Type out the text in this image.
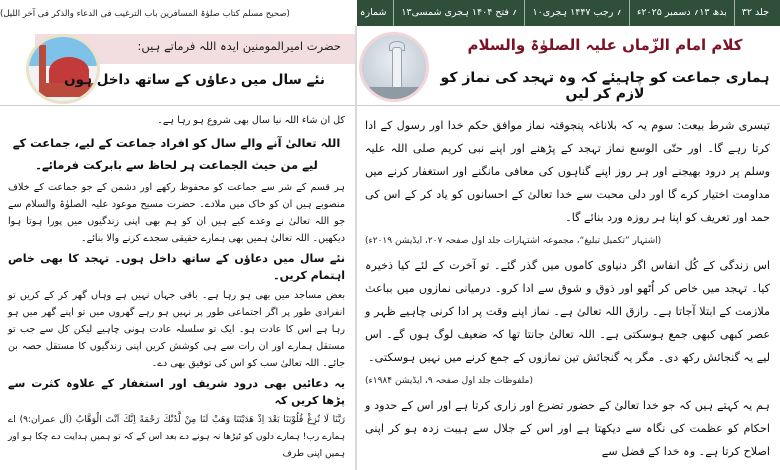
(صحیح مسلم کتاب صلوٰۃ المسافرین باب الترغیب فی الدعاء والذکر فی آخر اللیل)	جلد ۳۲
بدھ ۱۳؍ دسمبر ۲۰۲۵ء
۱۰؍ رجب ۱۴۴۷ ہجری
۱۳؍ فتح ۱۴۰۴ ہجری شمسی
شمارہ ۳۱۴
کلام امام الزّماں علیہ الصلوٰۃ والسلام
ہماری جماعت کو چاہیئے کہ وہ تہجد کی نماز کو لازم کر لیں

تیسری شرط بیعت: سوم یہ کہ بلاناغہ پنجوقتہ نماز موافق حکم خدا اور رسول کے ادا کرتا رہے گا۔ اور حتّی الوسع نماز تہجد کے پڑھنے اور اپنے نبی کریم صلی اللہ علیہ وسلم پر درود بھیجنے اور ہر روز اپنے گناہوں کی معافی مانگنے اور استغفار کرنے میں مداومت اختیار کرے گا اور دلی محبت سے خدا تعالیٰ کے احسانوں کو یاد کر کے اس کی حمد اور تعریف کو اپنا ہر روزہ ورد بنائے گا۔

(اشتہار ”تکمیل تبلیغ“، مجموعہ اشتہارات جلد اول صفحہ ۲۰۷، ایڈیشن ۲۰۱۹ء)

اس زندگی کے کُل انفاس اگر دنیاوی کاموں میں گذر گئے۔ تو آخرت کے لئے کیا ذخیرہ کیا۔ تہجد میں خاص کر اُٹھو اور ذوق و شوق سے ادا کرو۔ درمیانی نمازوں میں بباعث ملازمت کے ابتلا آجاتا ہے۔ رازق اللہ تعالیٰ ہے۔ نماز اپنے وقت پر ادا کرنی چاہیے ظہر و عصر کبھی کبھی جمع ہوسکتی ہے۔ اللہ تعالیٰ جانتا تھا کہ ضعیف لوگ ہوں گے۔ اس لیے یہ گنجائش رکھ دی۔ مگر یہ گنجائش تین نمازوں کے جمع کرنے میں نہیں ہوسکتی۔

(ملفوظات جلد اول صفحہ ۹، ایڈیشن ۱۹۸۴ء)

ہم یہ کہتے ہیں کہ جو خدا تعالیٰ کے حضور تضرع اور زاری کرتا ہے اور اس کے حدود و احکام کو عظمت کی نگاہ سے دیکھتا ہے اور اس کے جلال سے ہیبت زدہ ہو کر اپنی اصلاح کرتا ہے۔ وہ خدا کے فضل سے

حضرت امیرالمومنین ایدہ اللہ فرماتے ہیں:
نئے سال میں دعاؤں کے ساتھ داخل ہوں

کل ان شاء اللہ نیا سال بھی شروع ہو رہا ہے۔

اللہ تعالیٰ آنے والے سال کو افراد جماعت کے لیے، جماعت کے لیے من حیث الجماعت ہر لحاظ سے بابرکت فرمائے۔

ہر قسم کے شر سے جماعت کو محفوظ رکھے اور دشمن کے جو جماعت کے خلاف منصوبے ہیں ان کو خاک میں ملادے۔ حضرت مسیح موعود علیہ الصلوٰۃ والسلام سے جو اللہ تعالیٰ نے وعدے کیے ہیں ان کو ہم بھی اپنی زندگیوں میں پورا ہوتا ہوا دیکھیں۔ اللہ تعالیٰ ہمیں بھی ہمارے حقیقی سجدے کرنے والا بنائے۔

نئے سال میں دعاؤں کے ساتھ داخل ہوں۔ تہجد کا بھی خاص اہتمام کریں۔

بعض مساجد میں بھی ہو رہا ہے۔ باقی جہاں نہیں ہے وہاں گھر کر کے کریں تو انفرادی طور پر اگر اجتماعی طور پر نہیں ہو رہے گھروں میں تو اپنے گھر میں ہو رہا ہے اس کا عادت ہو۔ ایک تو سلسلہ عادت ہونی چاہیے لیکن کل سے جب تو مستقل ہمارے اور ان رات سے ہی کوشش کریں اپنی زندگیوں کا مستقل حصہ بن جائے۔ اللہ تعالیٰ سب کو اس کی توفیق بھی دے۔

یہ دعائیں بھی درود شریف اور استغفار کے علاوہ کثرت سے پڑھا کریں کہ

رَبَّنَا لَا تُزِغْ قُلُوْبَنَا بَعْدَ اِذْ هَدَيْتَنَا وَهَبْ لَنَا مِنْ لَّدُنْكَ رَحْمَةً اِنَّكَ اَنْتَ الْوَهَّابُ (آل عمران:۹) اے ہمارے رب! ہمارے دلوں کو ٹیڑھا نہ ہونے دے بعد اس کے کہ تو ہمیں ہدایت دے چکا ہو اور ہمیں اپنی طرف
